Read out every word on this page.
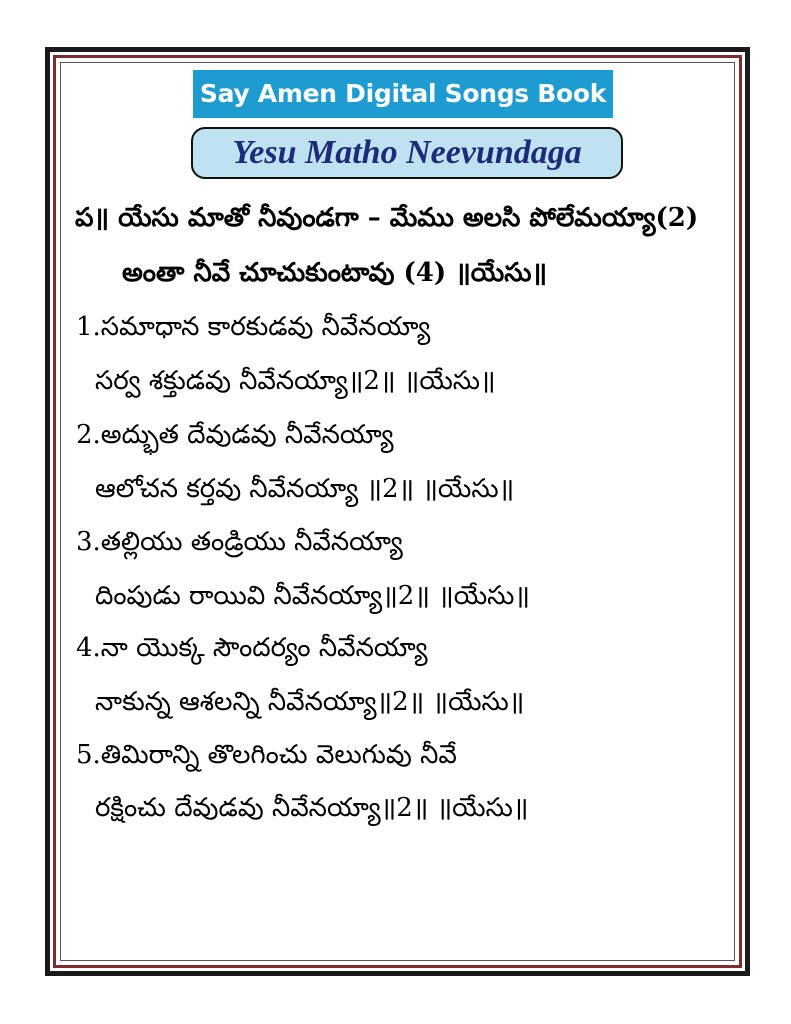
Say Amen Digital Songs Book
Yesu Matho Neevundaga
ప॥ యేసు మాతో నీవుండగా – మేము అలసి పోలేమయ్యా(2)
అంతా నీవే చూచుకుంటావు (4) ॥యేసు॥
1.సమాధాన కారకుడవు నీవేనయ్యా
సర్వ శక్తుడవు నీవేనయ్యా॥2॥ ॥యేసు॥
2.అద్భుత దేవుడవు నీవేనయ్యా
ఆలోచన కర్తవు నీవేనయ్యా ॥2॥ ॥యేసు॥
3.తల్లియు తండ్రియు నీవేనయ్యా
దింపుడు రాయివి నీవేనయ్యా॥2॥ ॥యేసు॥
4.నా యొక్క సౌందర్యం నీవేనయ్యా
నాకున్న ఆశలన్ని నీవేనయ్యా॥2॥ ॥యేసు॥
5.తిమిరాన్ని తొలగించు వెలుగువు నీవే
రక్షించు దేవుడవు నీవేనయ్యా॥2॥ ॥యేసు॥
